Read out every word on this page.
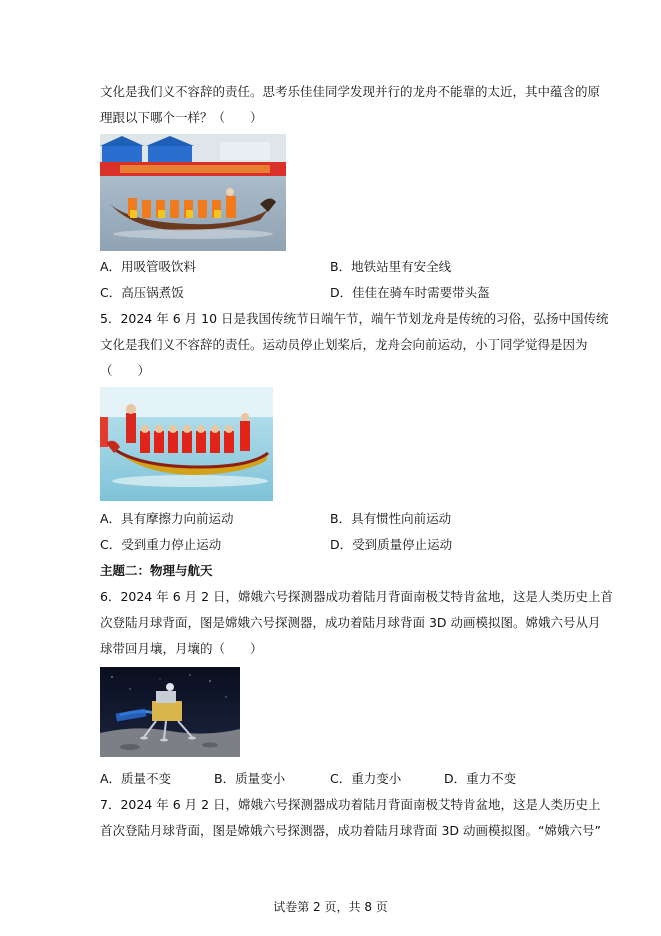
文化是我们义不容辞的责任。思考乐佳佳同学发现并行的龙舟不能靠的太近，其中蕴含的原
理跟以下哪个一样？（　　）
A．用吸管吸饮料	B．地铁站里有安全线
C．高压锅煮饭	D．佳佳在骑车时需要带头盔
5．2024 年 6 月 10 日是我国传统节日端午节，端午节划龙舟是传统的习俗，弘扬中国传统
文化是我们义不容辞的责任。运动员停止划桨后，龙舟会向前运动，小丁同学觉得是因为
（　　）
A．具有摩擦力向前运动	B．具有惯性向前运动
C．受到重力停止运动	D．受到质量停止运动
主题二：物理与航天
6．2024 年 6 月 2 日，嫦娥六号探测器成功着陆月背面南极艾特肯盆地，这是人类历史上首
次登陆月球背面，图是嫦娥六号探测器，成功着陆月球背面 3D 动画模拟图。嫦娥六号从月
球带回月壤，月壤的（　　）
A．质量不变	B．质量变小	C．重力变小	D．重力不变
7．2024 年 6 月 2 日，嫦娥六号探测器成功着陆月背面南极艾特肯盆地，这是人类历史上
首次登陆月球背面，图是嫦娥六号探测器，成功着陆月球背面 3D 动画模拟图。“嫦娥六号”
试卷第 2 页，共 8 页
